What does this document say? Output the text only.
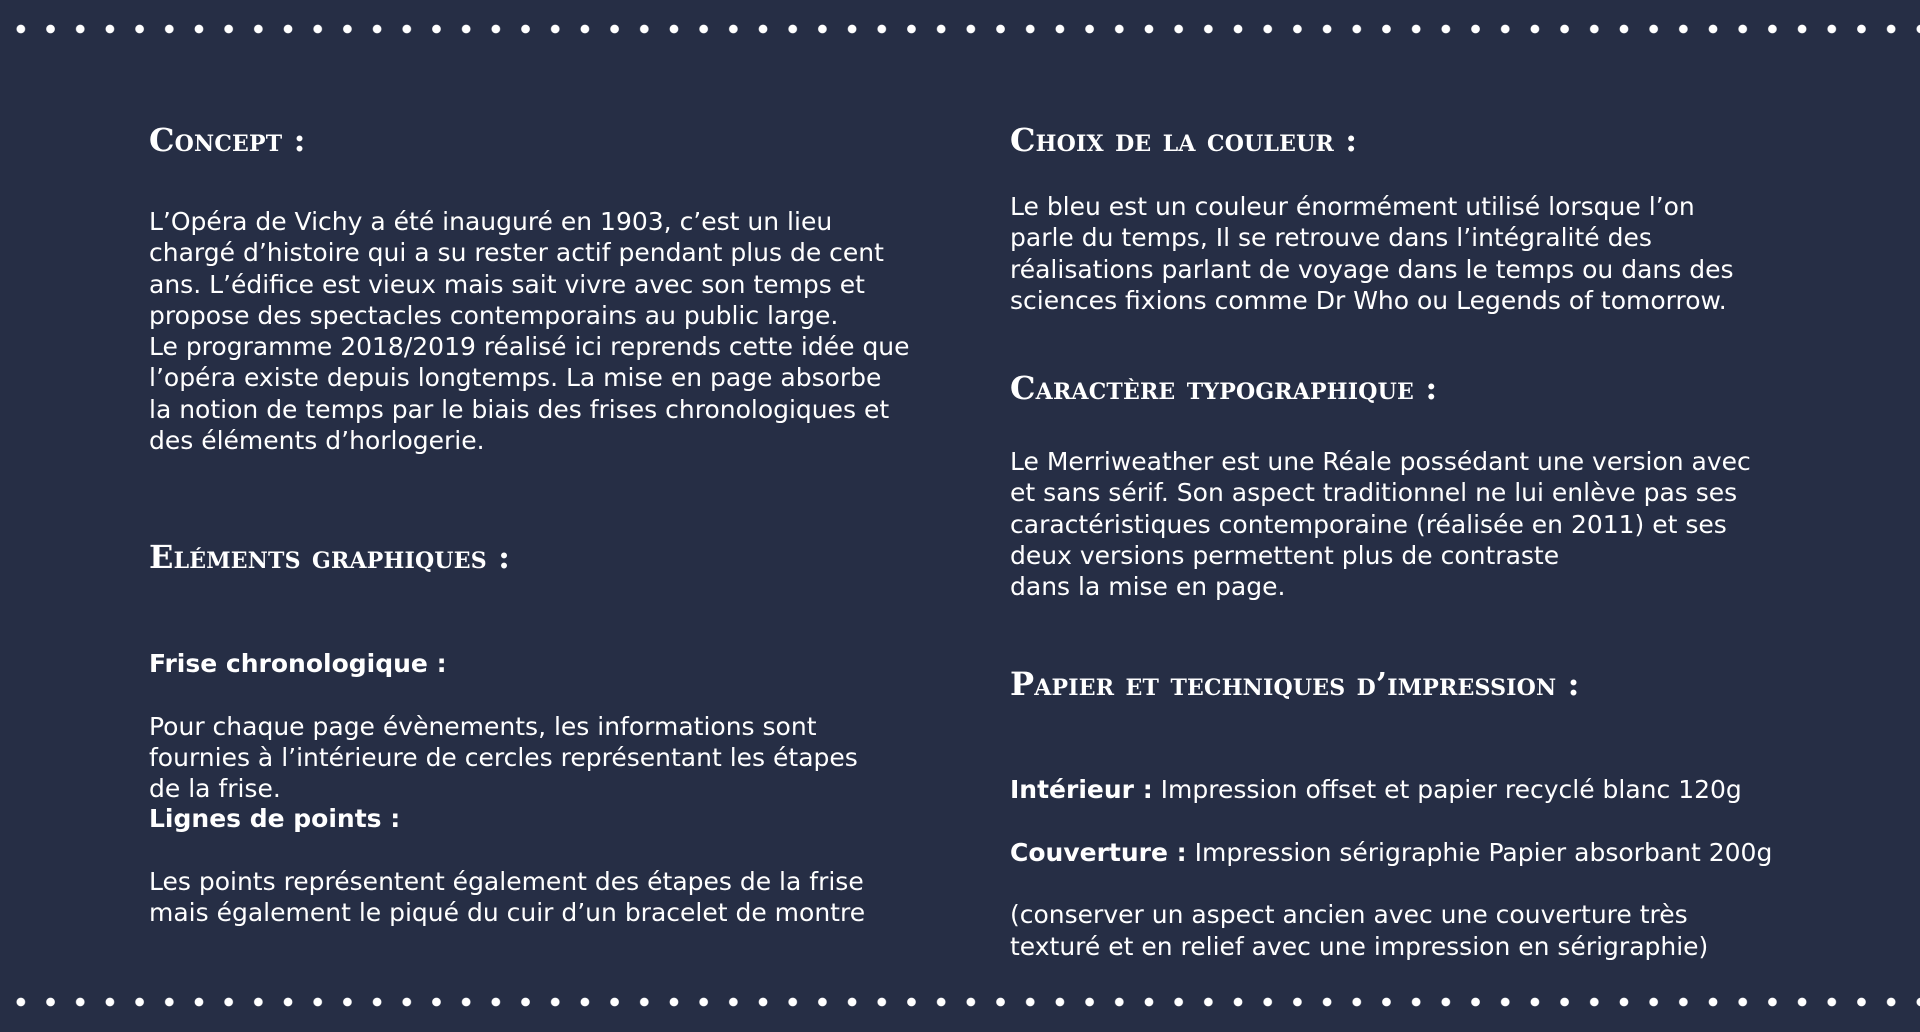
Concept :

L’Opéra de Vichy a été inauguré en 1903, c’est un lieu
chargé d’histoire qui a su rester actif pendant plus de cent
ans. L’édifice est vieux mais sait vivre avec son temps et
propose des spectacles contemporains au public large.
Le programme 2018/2019 réalisé ici reprends cette idée que
l’opéra existe depuis longtemps. La mise en page absorbe
la notion de temps par le biais des frises chronologiques et
des éléments d’horlogerie.

Eléments graphiques :

Frise chronologique :

Pour chaque page évènements, les informations sont
fournies à l’intérieure de cercles représentant les étapes
de la frise.

Lignes de points :

Les points représentent également des étapes de la frise
mais également le piqué du cuir d’un bracelet de montre

Choix de la couleur :

Le bleu est un couleur énormément utilisé lorsque l’on
parle du temps, Il se retrouve dans l’intégralité des
réalisations parlant de voyage dans le temps ou dans des
sciences fixions comme Dr Who ou Legends of tomorrow.

Caractère typographique :

Le Merriweather est une Réale possédant une version avec
et sans sérif. Son aspect traditionnel ne lui enlève pas ses
caractéristiques contemporaine (réalisée en 2011) et ses
deux versions permettent plus de contraste
dans la mise en page.

Papier et techniques d’impression :

Intérieur : Impression offset et papier recyclé blanc 120g

Couverture : Impression sérigraphie Papier absorbant 200g

(conserver un aspect ancien avec une couverture très
texturé et en relief avec une impression en sérigraphie)
